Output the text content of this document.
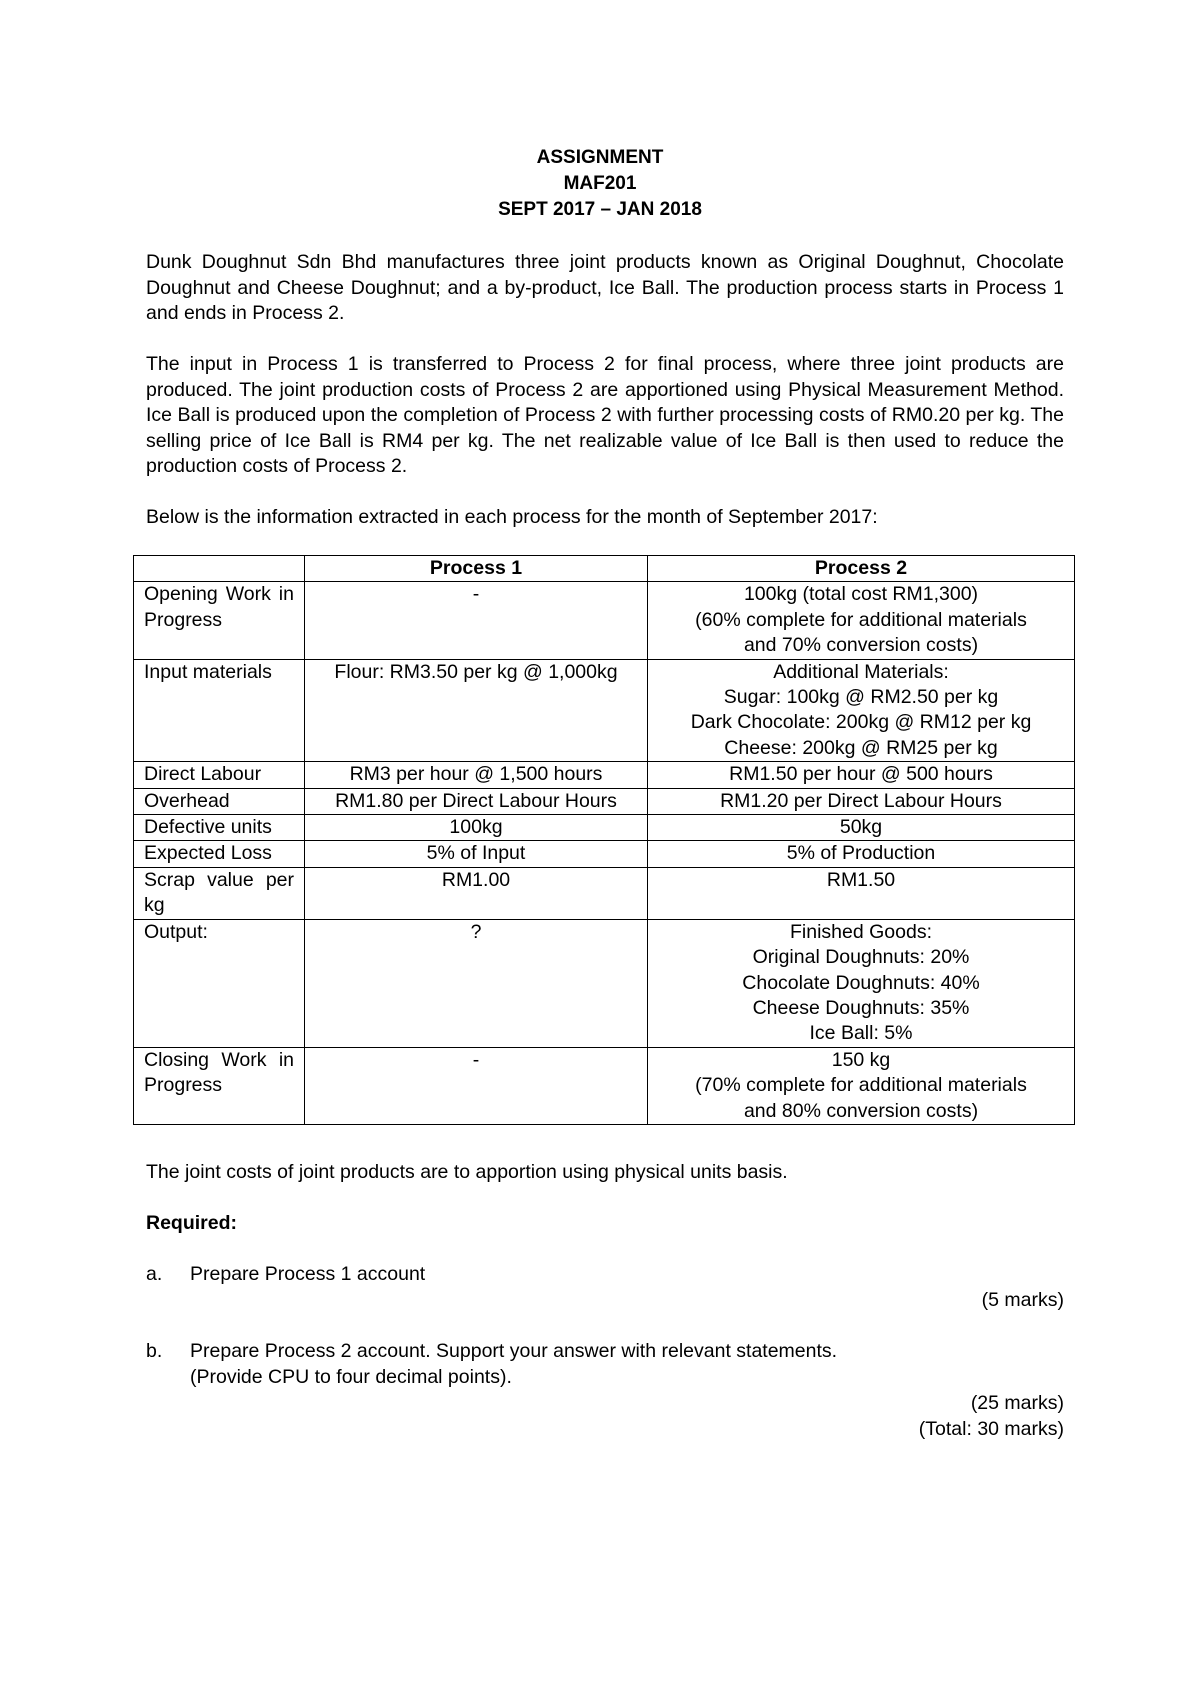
ASSIGNMENT
MAF201
SEPT 2017 – JAN 2018

Dunk Doughnut Sdn Bhd manufactures three joint products known as Original Doughnut, Chocolate Doughnut and Cheese Doughnut; and a by-product, Ice Ball. The production process starts in Process 1 and ends in Process 2.

The input in Process 1 is transferred to Process 2 for final process, where three joint products are produced. The joint production costs of Process 2 are apportioned using Physical Measurement Method. Ice Ball is produced upon the completion of Process 2 with further processing costs of RM0.20 per kg. The selling price of Ice Ball is RM4 per kg. The net realizable value of Ice Ball is then used to reduce the production costs of Process 2.

Below is the information extracted in each process for the month of September 2017:

	Process 1	Process 2
Opening Work in Progress	-	100kg (total cost RM1,300)
(60% complete for additional materials
and 70% conversion costs)

Input materials	Flour: RM3.50 per kg @ 1,000kg	Additional Materials:
Sugar: 100kg @ RM2.50 per kg
Dark Chocolate: 200kg @ RM12 per kg
Cheese: 200kg @ RM25 per kg

Direct Labour	RM3 per hour @ 1,500 hours	RM1.50 per hour @ 500 hours

Overhead	RM1.80 per Direct Labour Hours	RM1.20 per Direct Labour Hours

Defective units	100kg	50kg

Expected Loss	5% of Input	5% of Production

Scrap value per kg	RM1.00	RM1.50

Output:	?	Finished Goods:
Original Doughnuts: 20%
Chocolate Doughnuts: 40%
Cheese Doughnuts: 35%
Ice Ball: 5%

Closing Work in Progress	-	150 kg
(70% complete for additional materials
and 80% conversion costs)

The joint costs of joint products are to apportion using physical units basis.

Required:

a. Prepare Process 1 account
(5 marks)
b. Prepare Process 2 account. Support your answer with relevant statements.
(Provide CPU to four decimal points).
(25 marks)
(Total: 30 marks)
